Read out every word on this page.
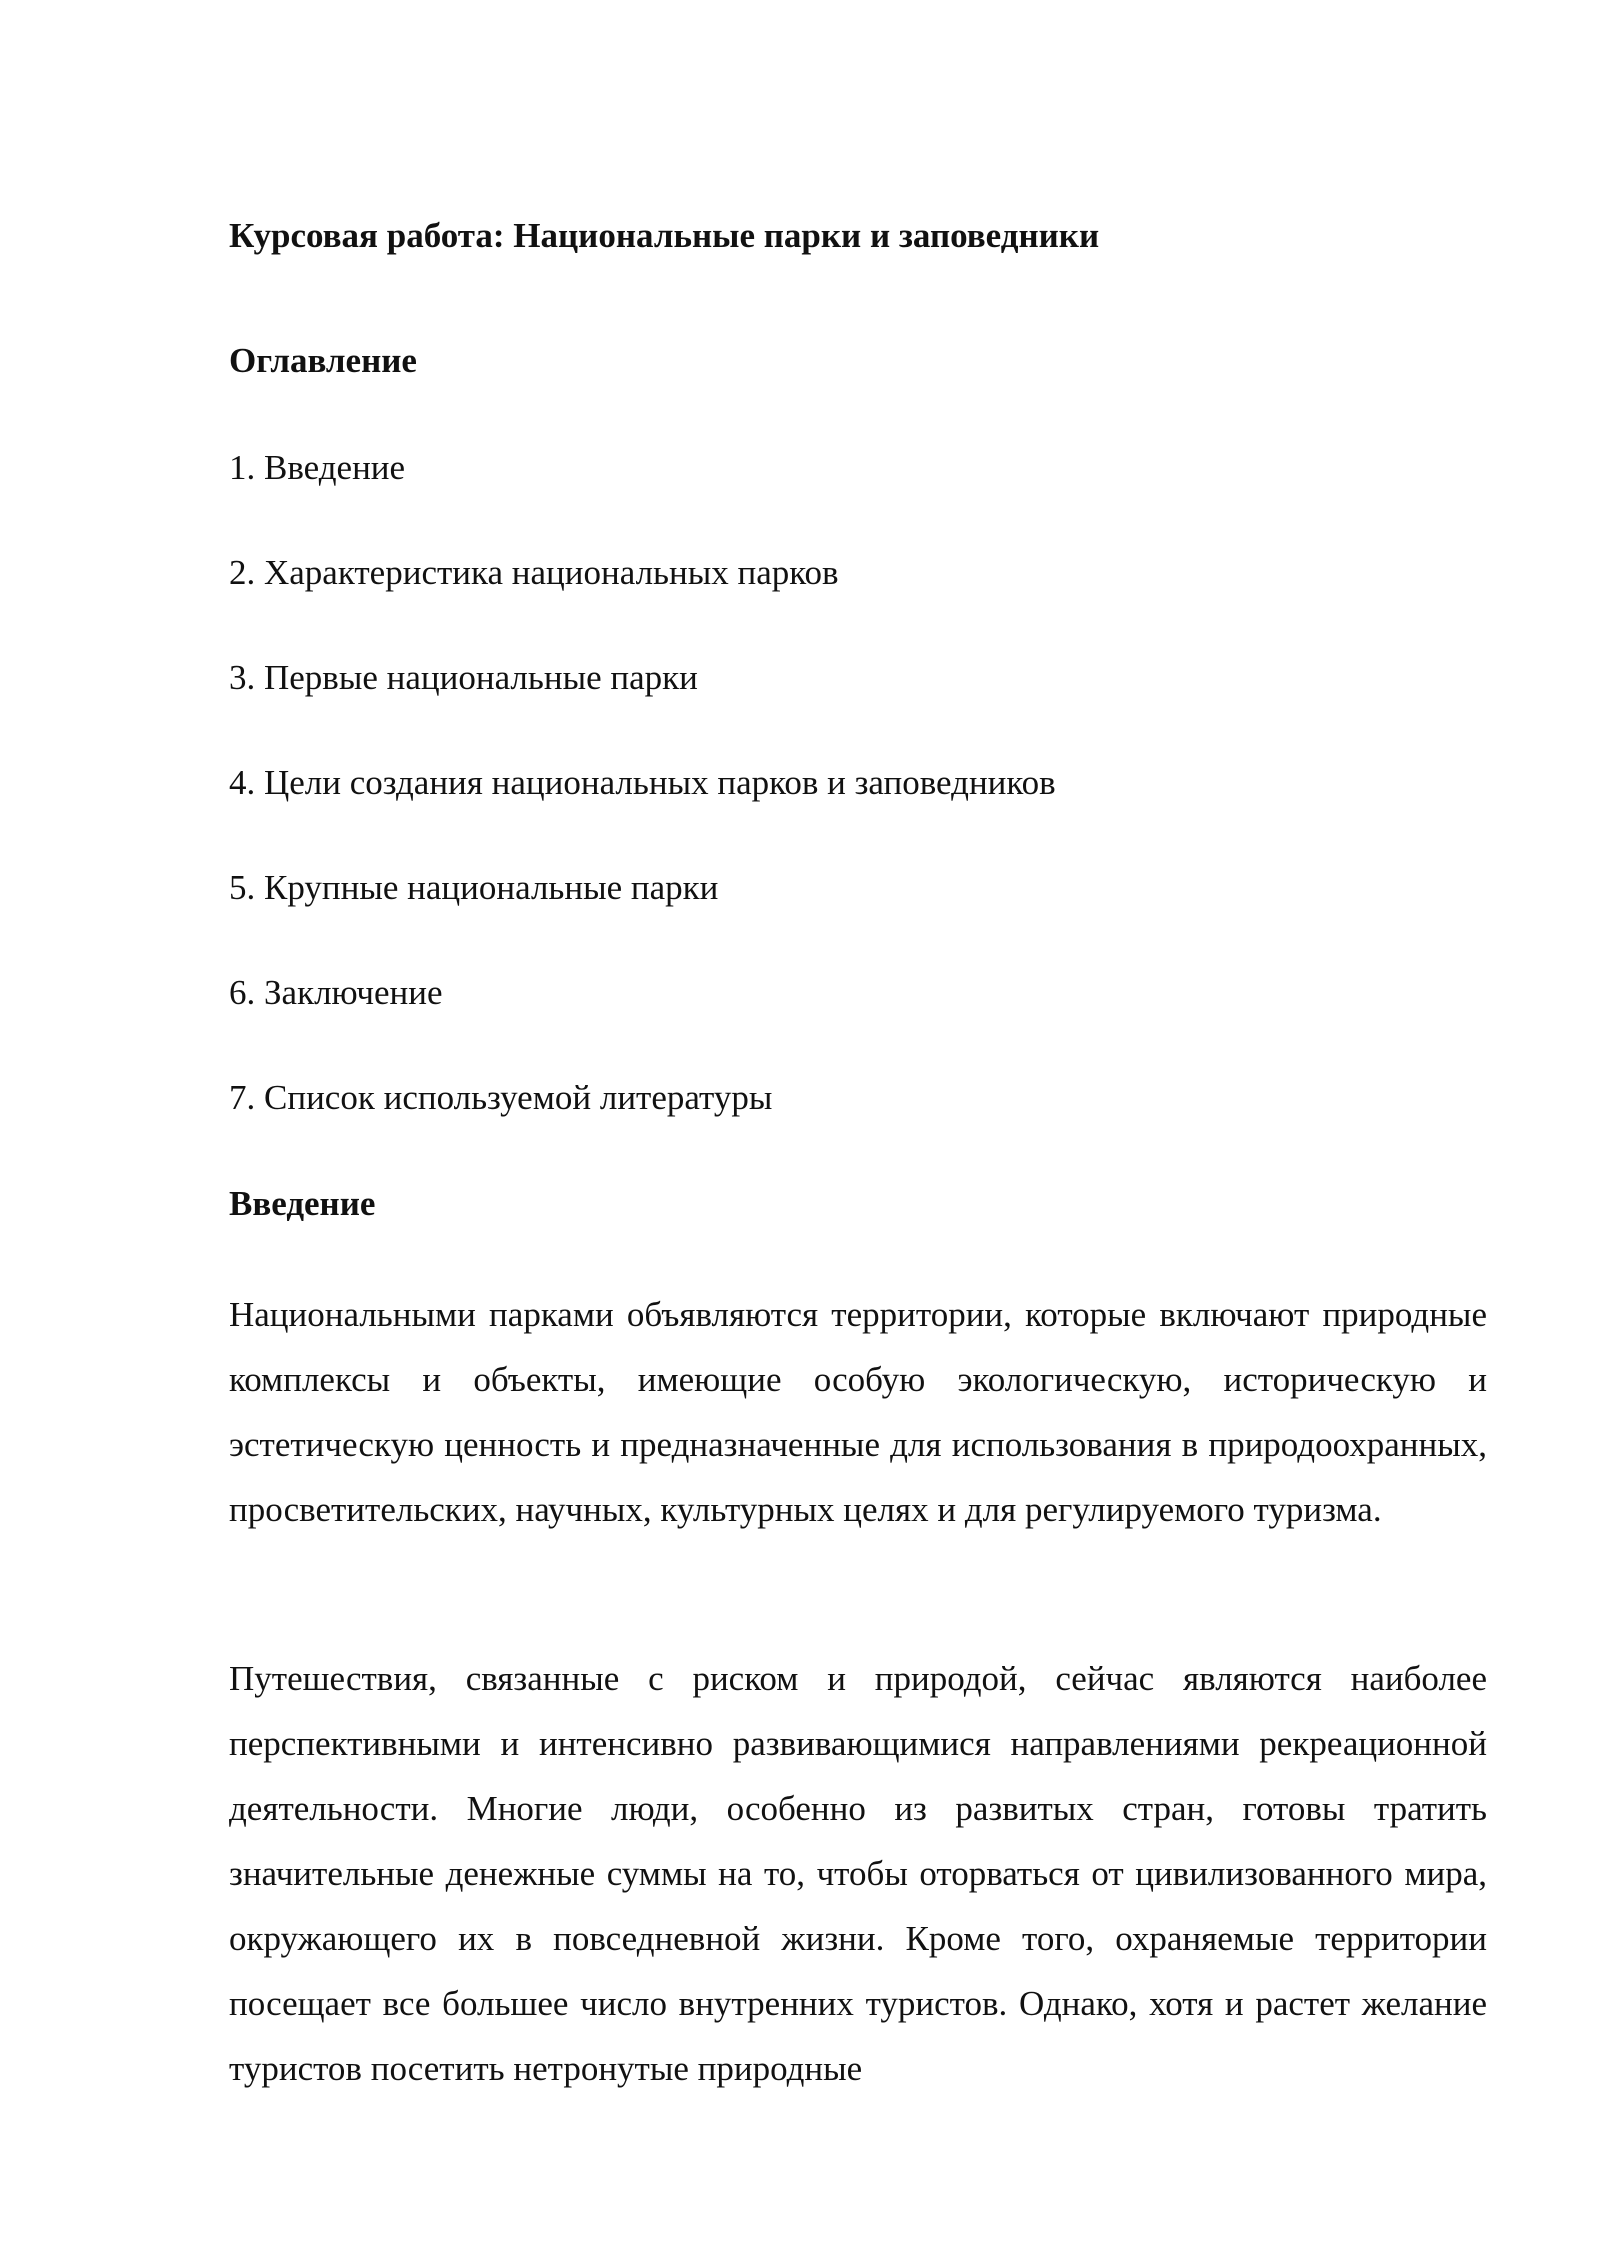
Курсовая работа: Национальные парки и заповедники
Оглавление
1. Введение
2. Характеристика национальных парков
3. Первые национальные парки
4. Цели создания национальных парков и заповедников
5. Крупные национальные парки
6. Заключение
7. Список используемой литературы
Введение

Национальными парками объявляются территории, которые включают природные комплексы и объекты, имеющие особую экологическую, историческую и эстетическую ценность и предназначенные для использования в природоохранных, просветительских, научных, культурных целях и для регулируемого туризма.

Путешествия, связанные с риском и природой, сейчас являются наиболее перспективными и интенсивно развивающимися направлениями рекреационной деятельности. Многие люди, особенно из развитых стран, готовы тратить значительные денежные суммы на то, чтобы оторваться от цивилизованного мира, окружающего их в повседневной жизни. Кроме того, охраняемые территории посещает все большее число внутренних туристов. Однако, хотя и растет желание туристов посетить нетронутые природные
